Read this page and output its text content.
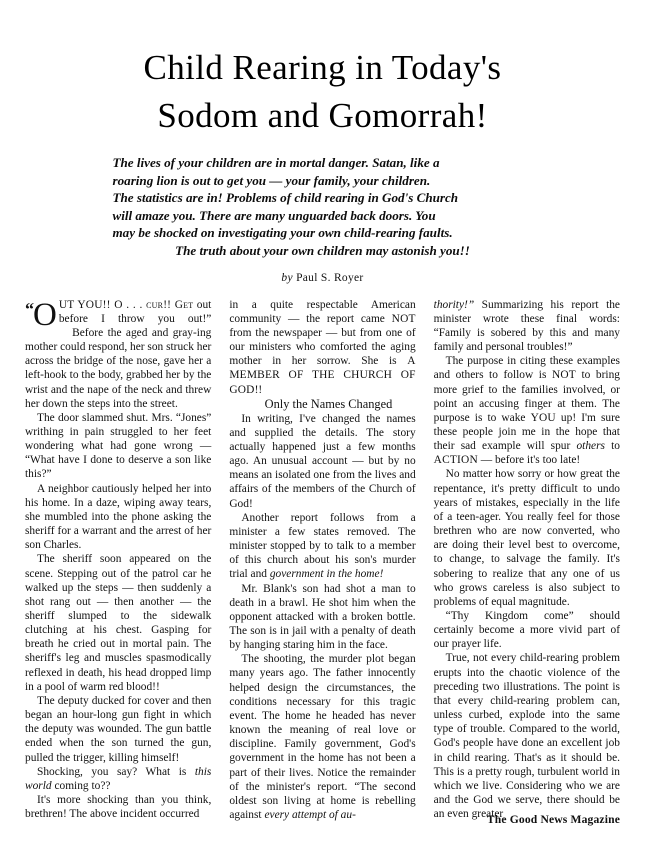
Child Rearing in Today's
Sodom and Gomorrah!
The lives of your children are in mortal danger. Satan, like a
roaring lion is out to get you — your family, your children.
The statistics are in! Problems of child rearing in God's Church
will amaze you. There are many unguarded back doors. You
may be shocked on investigating your own child-rearing faults.
The truth about your own children may astonish you!!
by Paul S. Royer

“ O UT YOU!! O . . . cur!! Get out before I throw you out!”    Before the aged and gray-ing mother could respond, her son struck her across the bridge of the nose, gave her a left-hook to the body, grabbed her by the wrist and the nape of the neck and threw her down the steps into the street.

The door slammed shut. Mrs. “Jones” writhing in pain struggled to her feet wondering what had gone wrong — “What have I done to deserve a son like this?”

A neighbor cautiously helped her into his home. In a daze, wiping away tears, she mumbled into the phone asking the sheriff for a warrant and the arrest of her son Charles.

The sheriff soon appeared on the scene. Stepping out of the patrol car he walked up the steps — then suddenly a shot rang out — then another — the sheriff slumped to the sidewalk clutching at his chest. Gasping for breath he cried out in mortal pain. The sheriff's leg and muscles spasmodically reflexed in death, his head dropped limp in a pool of warm red blood!!

The deputy ducked for cover and then began an hour-long gun fight in which the deputy was wounded. The gun battle ended when the son turned the gun, pulled the trigger, killing himself!

Shocking, you say? What is this world coming to??

It's more shocking than you think, brethren! The above incident occurred

in a quite respectable American community — the report came NOT from the newspaper — but from one of our ministers who comforted the aging mother in her sorrow. She is A MEMBER OF THE CHURCH OF GOD!!

Only the Names Changed

In writing, I've changed the names and supplied the details. The story actually happened just a few months ago. An unusual account — but by no means an isolated one from the lives and affairs of the members of the Church of God!

Another report follows from a minister a few states removed. The minister stopped by to talk to a member of this church about his son's murder trial and government in the home!

Mr. Blank's son had shot a man to death in a brawl. He shot him when the opponent attacked with a broken bottle. The son is in jail with a penalty of death by hanging staring him in the face.

The shooting, the murder plot began many years ago. The father innocently helped design the circumstances, the conditions necessary for this tragic event. The home he headed has never known the meaning of real love or discipline. Family government, God's government in the home has not been a part of their lives. Notice the remainder of the minister's report. “The second oldest son living at home is rebelling against every attempt of au-

thority!” Summarizing his report the minister wrote these final words: “Family is sobered by this and many family and personal troubles!”

The purpose in citing these examples and others to follow is NOT to bring more grief to the families involved, or point an accusing finger at them. The purpose is to wake YOU up! I'm sure these people join me in the hope that their sad example will spur others to ACTION — before it's too late!

No matter how sorry or how great the repentance, it's pretty difficult to undo years of mistakes, especially in the life of a teen-ager. You really feel for those brethren who are now converted, who are doing their level best to overcome, to change, to salvage the family. It's sobering to realize that any one of us who grows careless is also subject to problems of equal magnitude.

“Thy Kingdom come” should certainly become a more vivid part of our prayer life.

True, not every child-rearing problem erupts into the chaotic violence of the preceding two illustrations. The point is that every child-rearing problem can, unless curbed, explode into the same type of trouble. Compared to the world, God's people have done an excellent job in child rearing. That's as it should be. This is a pretty rough, turbulent world in which we live. Considering who we are and the God we serve, there should be an even greater

The Good News Magazine
